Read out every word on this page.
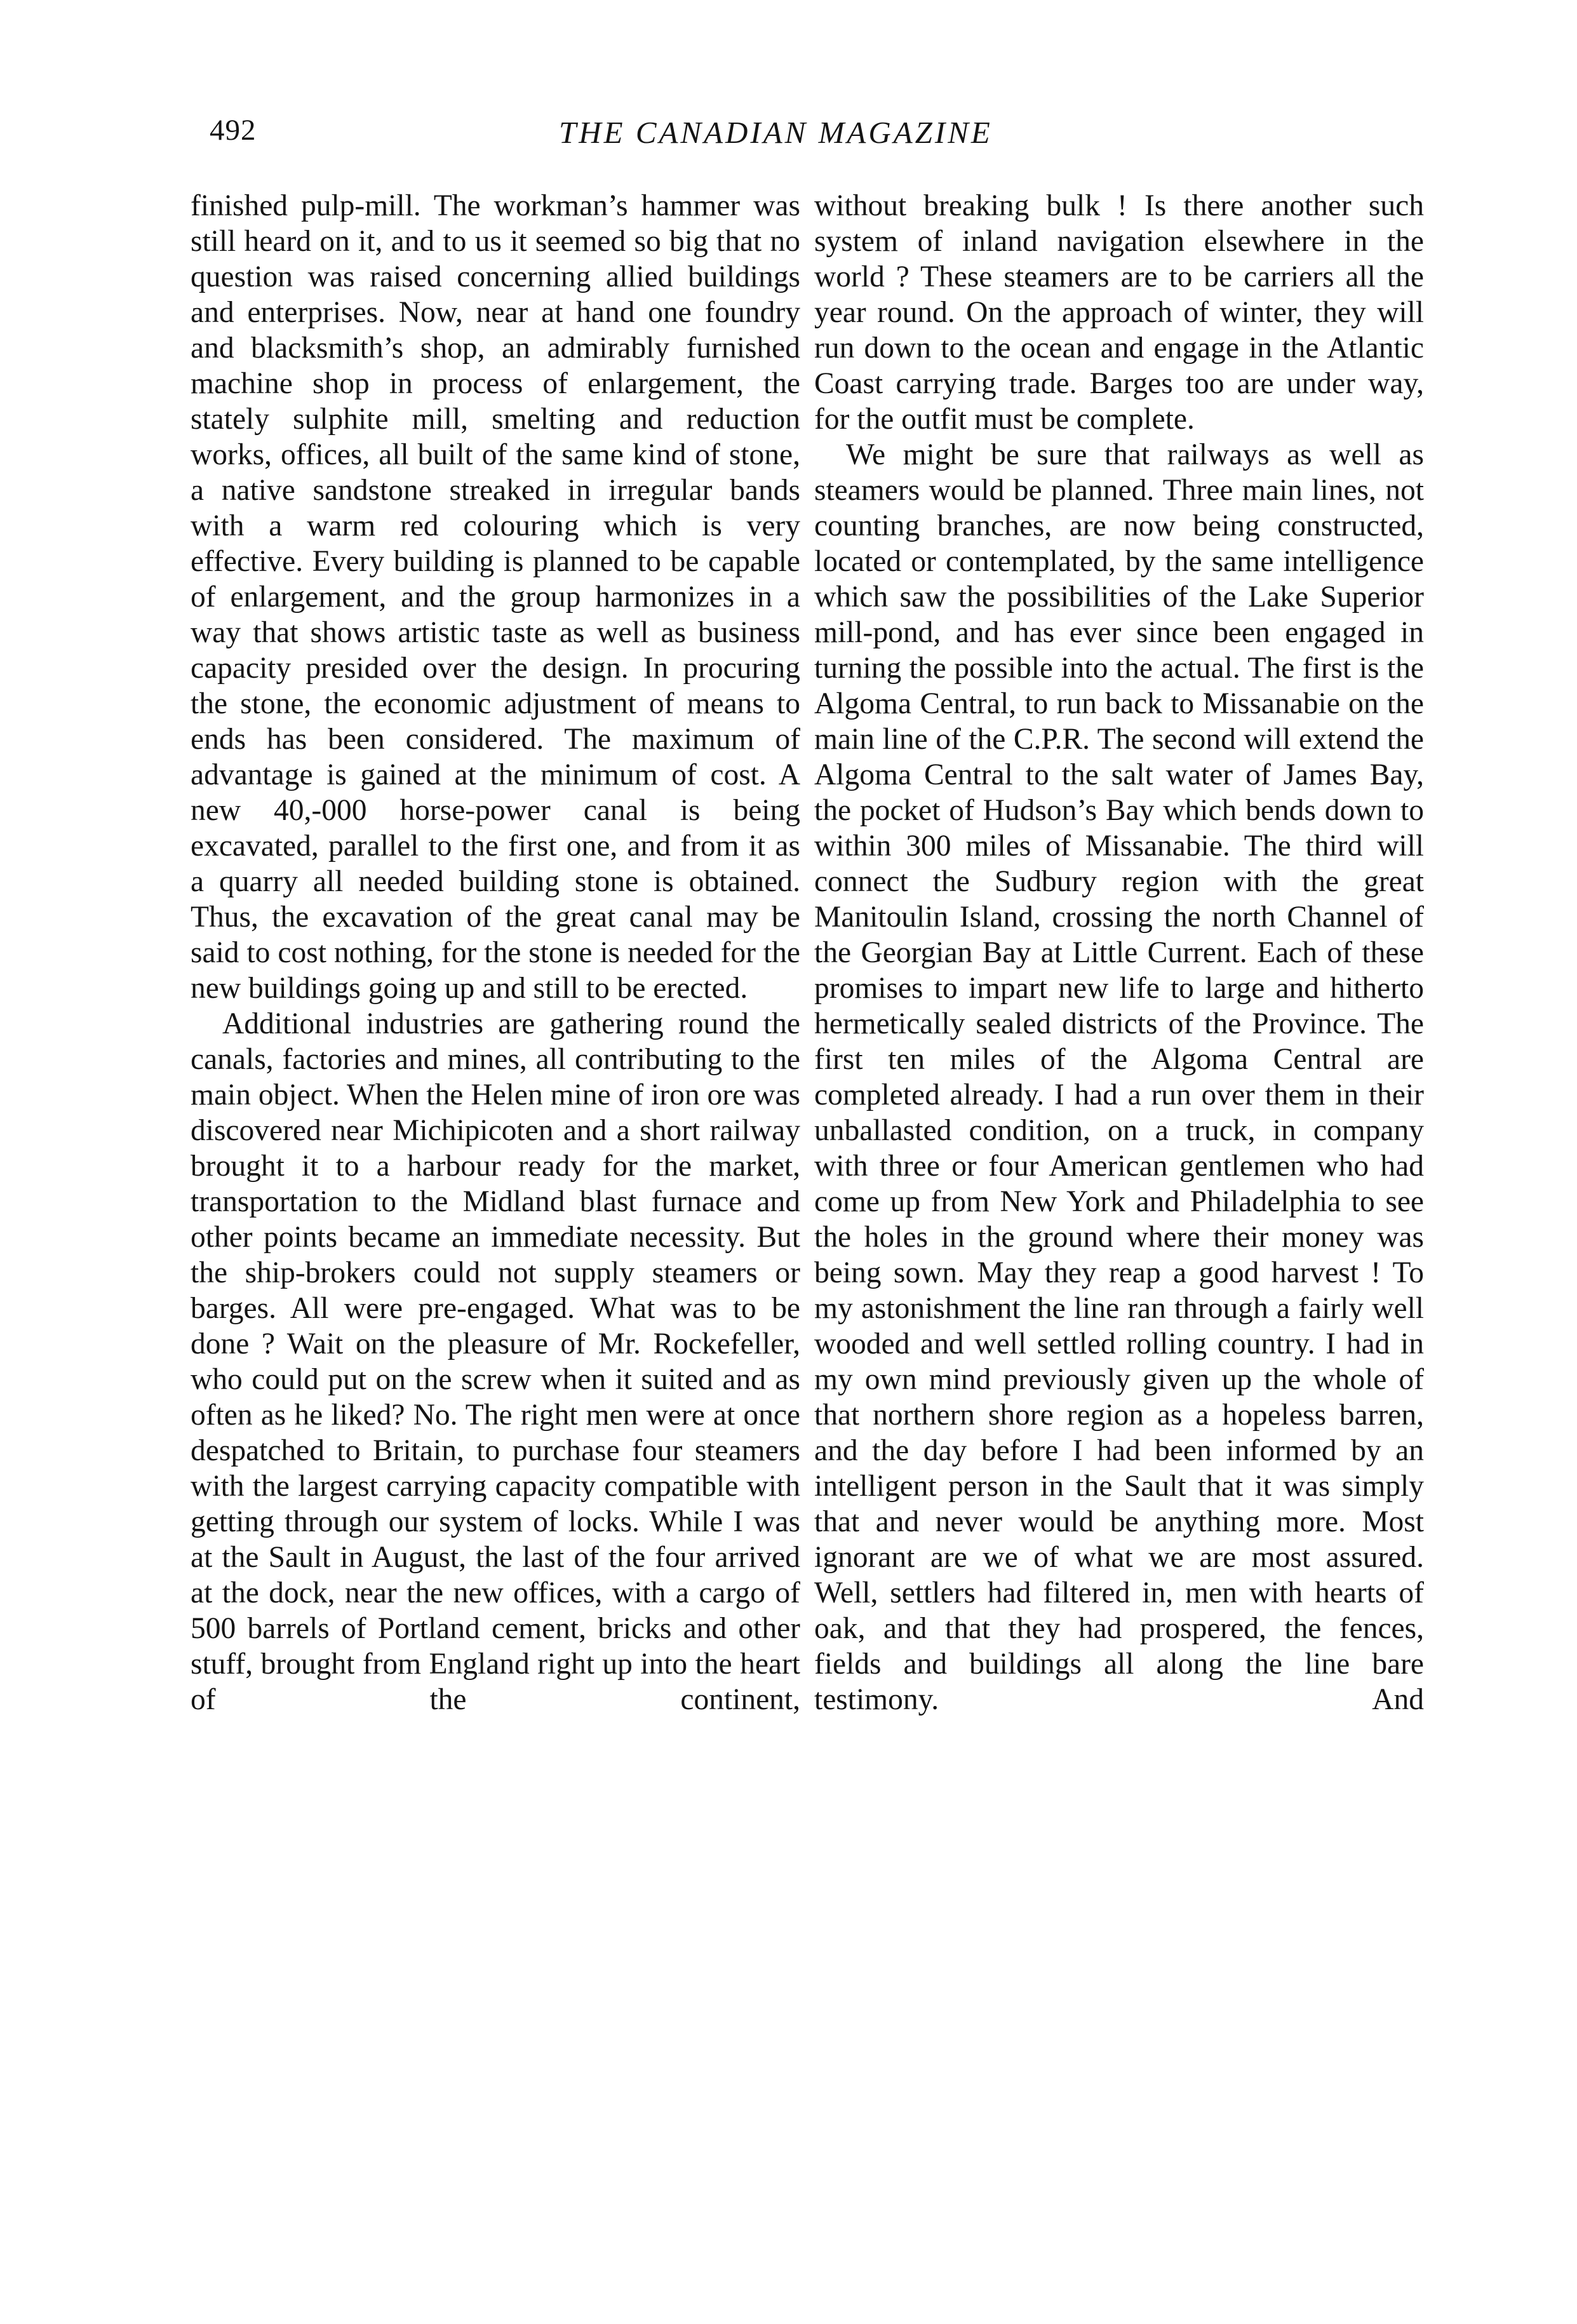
492	THE CANADIAN MAGAZINE

finished pulp-mill. The workman’s hammer was still heard on it, and to us it seemed so big that no question was raised concerning allied buildings and enterprises. Now, near at hand one foundry and blacksmith’s shop, an admirably furnished machine shop in process of enlargement, the stately sulphite mill, smelting and reduction works, offices, all built of the same kind of stone, a native sandstone streaked in irregular bands with a warm red colouring which is very effective. Every building is planned to be capable of enlargement, and the group harmonizes in a way that shows artistic taste as well as business capacity presided over the design. In procuring the stone, the economic adjustment of means to ends has been considered. The maximum of advantage is gained at the minimum of cost. A new 40,-000 horse-power canal is being excavated, parallel to the first one, and from it as a quarry all needed building stone is obtained. Thus, the excavation of the great canal may be said to cost nothing, for the stone is needed for the new buildings going up and still to be erected.

Additional industries are gathering round the canals, factories and mines, all contributing to the main object. When the Helen mine of iron ore was discovered near Michipicoten and a short railway brought it to a harbour ready for the market, transportation to the Midland blast furnace and other points became an immediate necessity. But the ship-brokers could not supply steamers or barges. All were pre-engaged. What was to be done ? Wait on the pleasure of Mr. Rockefeller, who could put on the screw when it suited and as often as he liked? No. The right men were at once despatched to Britain, to purchase four steamers with the largest carrying capacity compatible with getting through our system of locks. While I was at the Sault in August, the last of the four arrived at the dock, near the new offices, with a cargo of 500 barrels of Portland cement, bricks and other stuff, brought from England right up into the heart of the continent,

without breaking bulk ! Is there another such system of inland navigation elsewhere in the world ? These steamers are to be carriers all the year round. On the approach of winter, they will run down to the ocean and engage in the Atlantic Coast carrying trade. Barges too are under way, for the outfit must be complete.

We might be sure that railways as well as steamers would be planned. Three main lines, not counting branches, are now being constructed, located or contemplated, by the same intelligence which saw the possibilities of the Lake Superior mill-pond, and has ever since been engaged in turning the possible into the actual. The first is the Algoma Central, to run back to Missanabie on the main line of the C.P.R. The second will extend the Algoma Central to the salt water of James Bay, the pocket of Hudson’s Bay which bends down to within 300 miles of Missanabie. The third will connect the Sudbury region with the great Manitoulin Island, crossing the north Channel of the Georgian Bay at Little Current. Each of these promises to impart new life to large and hitherto hermetically sealed districts of the Province. The first ten miles of the Algoma Central are completed already. I had a run over them in their unballasted condition, on a truck, in company with three or four American gentlemen who had come up from New York and Philadelphia to see the holes in the ground where their money was being sown. May they reap a good harvest ! To my astonishment the line ran through a fairly well wooded and well settled rolling country. I had in my own mind previously given up the whole of that northern shore region as a hopeless barren, and the day before I had been informed by an intelligent person in the Sault that it was simply that and never would be anything more. Most ignorant are we of what we are most assured. Well, settlers had filtered in, men with hearts of oak, and that they had prospered, the fences, fields and buildings all along the line bare testimony. And
